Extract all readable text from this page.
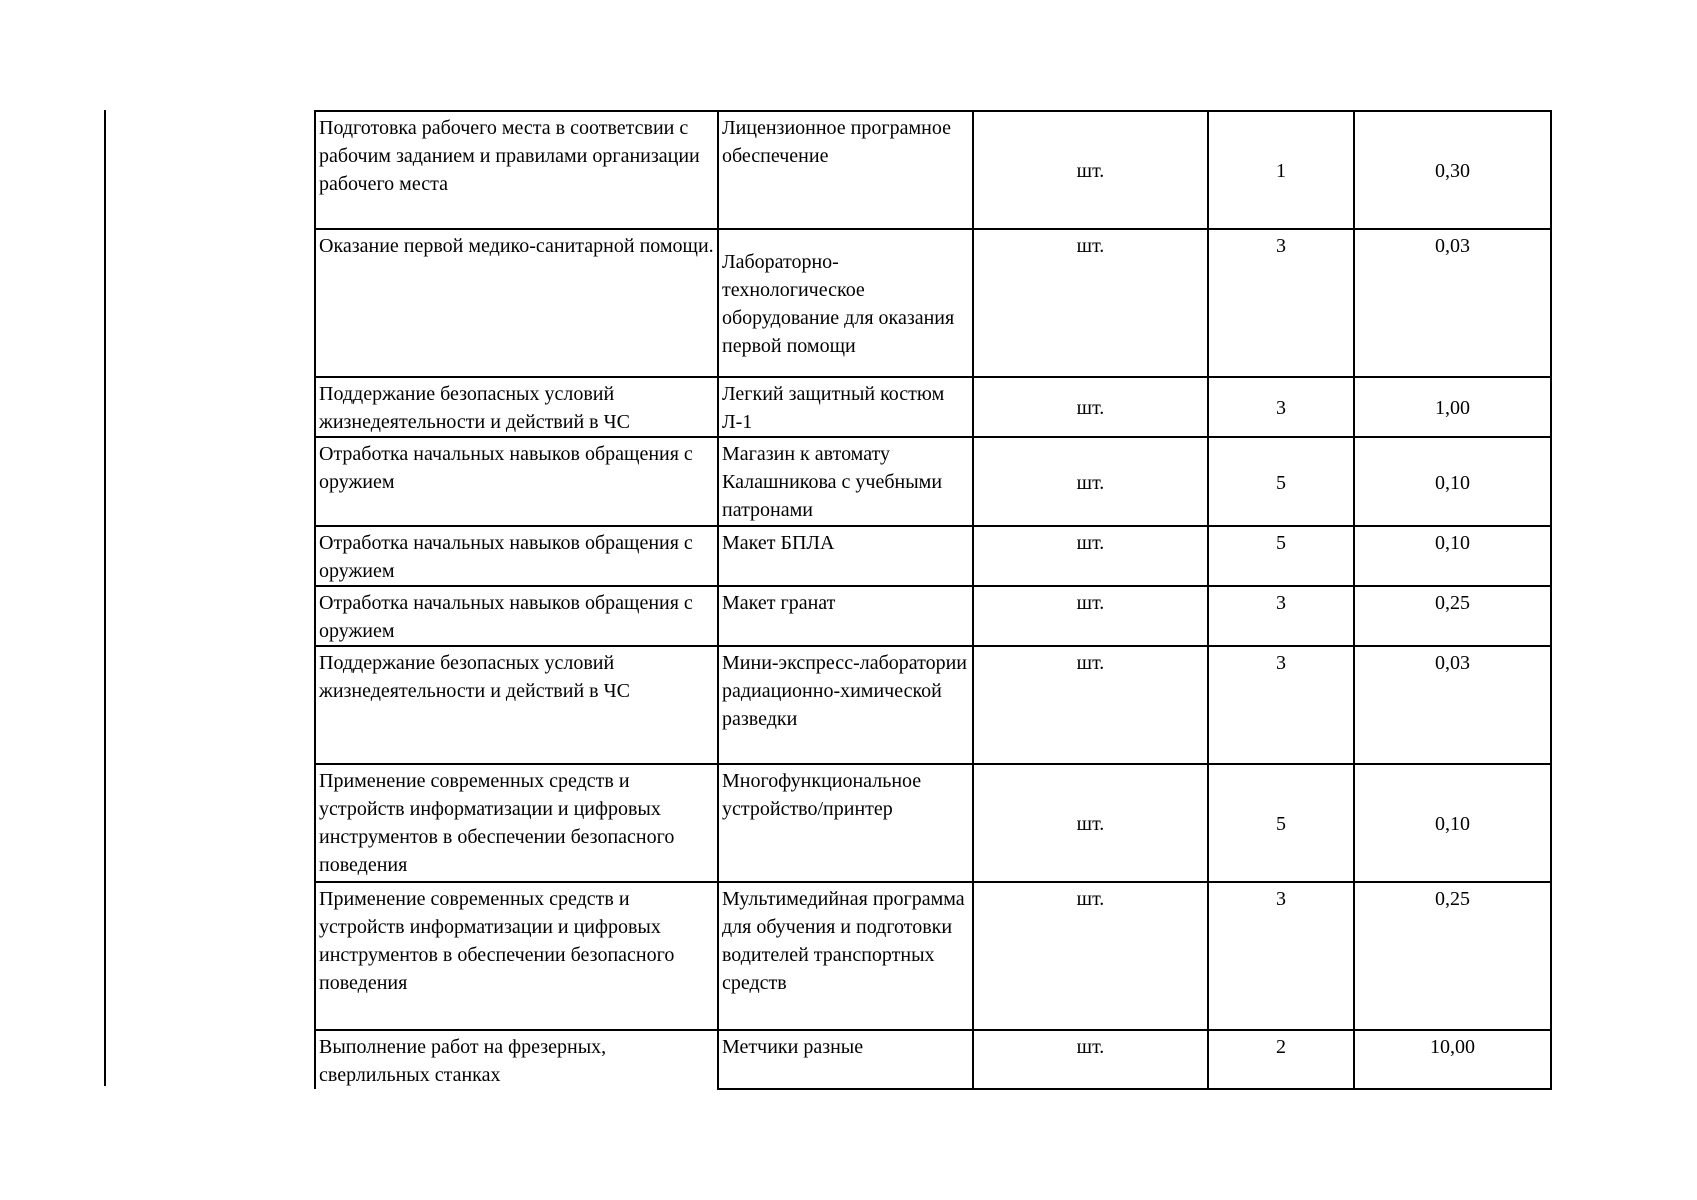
Подготовка рабочего места в соответсвии с рабочим заданием и правилами организации рабочего места	Лицензионное програмное обеспечение	шт.	1	0,30
Оказание первой медико-санитарной помощи.	Лабораторно-технологическое оборудование для оказания первой помощи	шт.	3	0,03
Поддержание безопасных условий жизнедеятельности и действий в ЧС	Легкий защитный костюм Л-1	шт.	3	1,00
Отработка начальных навыков обращения с оружием	Магазин к автомату Калашникова с учебными патронами	шт.	5	0,10
Отработка начальных навыков обращения с оружием	Макет БПЛА	шт.	5	0,10
Отработка начальных навыков обращения с оружием	Макет гранат	шт.	3	0,25
Поддержание безопасных условий жизнедеятельности и действий в ЧС	Мини-экспресс-лаборатории радиационно-химической разведки	шт.	3	0,03
Применение современных средств и устройств информатизации и цифровых инструментов в обеспечении безопасного поведения	Многофункциональное устройство/принтер	шт.	5	0,10
Применение современных средств и устройств информатизации и цифровых инструментов в обеспечении безопасного поведения	Мультимедийная программа для обучения и подготовки водителей транспортных средств	шт.	3	0,25
Выполнение работ на фрезерных, сверлильных станках	Метчики разные	шт.	2	10,00
